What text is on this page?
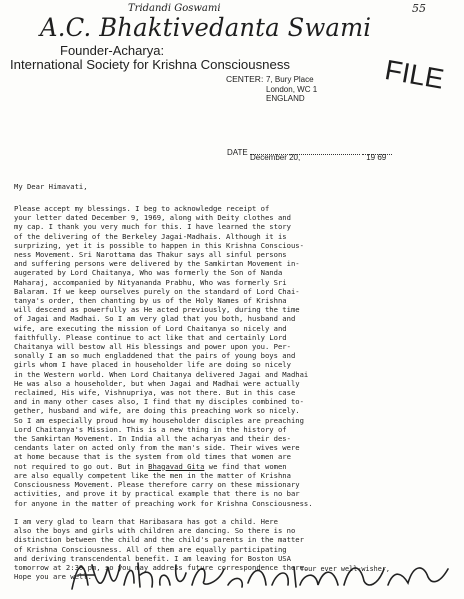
55
Tridandi Goswami
A.C. Bhaktivedanta Swami
Founder-Acharya:
International Society for Krishna Consciousness	FILE
CENTER: 7, Bury Place
London, WC 1
ENGLAND
DATE
December 20,
	19 69
My Dear Himavati,
Please accept my blessings. I beg to acknowledge receipt of
your letter dated December 9, 1969, along with Deity clothes and
my cap. I thank you very much for this. I have learned the story
of the delivering of the Berkeley Jagai-Madhais. Although it is
surprizing, yet it is possible to happen in this Krishna Conscious-
ness Movement. Sri Narottama das Thakur says all sinful persons
and suffering persons were delivered by the Samkirtan Movement in-
augerated by Lord Chaitanya, Who was formerly the Son of Nanda
Maharaj, accompanied by Nityananda Prabhu, Who was formerly Sri
Balaram. If we keep ourselves purely on the standard of Lord Chai-
tanya's order, then chanting by us of the Holy Names of Krishna
will descend as powerfully as He acted previously, during the time
of Jagai and Madhai. So I am very glad that you both, husband and
wife, are executing the mission of Lord Chaitanya so nicely and
faithfully. Please continue to act like that and certainly Lord
Chaitanya will bestow all His blessings and power upon you. Per-
sonally I am so much engladdened that the pairs of young boys and
girls whom I have placed in householder life are doing so nicely
in the Western world. When Lord Chaitanya delivered Jagai and Madhai
He was also a householder, but when Jagai and Madhai were actually
reclaimed, His wife, Vishnupriya, was not there. But in this case
and in many other cases also, I find that my disciples combined to-
gether, husband and wife, are doing this preaching work so nicely.
So I am especially proud how my householder disciples are preaching
Lord Chaitanya's Mission. This is a new thing in the history of
the Samkirtan Movement. In India all the acharyas and their des-
cendants later on acted only from the man's side. Their wives were
at home because that is the system from old times that women are
not required to go out. But in Bhagavad Gita we find that women
are also equally competent like the men in the matter of Krishna
Consciousness Movement. Please therefore carry on these missionary
activities, and prove it by practical example that there is no bar
for anyone in the matter of preaching work for Krishna Consciousness.
I am very glad to learn that Haribasara has got a child. Here
also the boys and girls with children are dancing. So there is no
distinction between the child and the child's parents in the matter
of Krishna Consciousness. All of them are equally participating
and deriving transcendental benefit. I am leaving for Boston USA
tomorrow at 2:30 pm, so you may address future correspondence there.
Hope you are well.
Your ever well-wisher,
